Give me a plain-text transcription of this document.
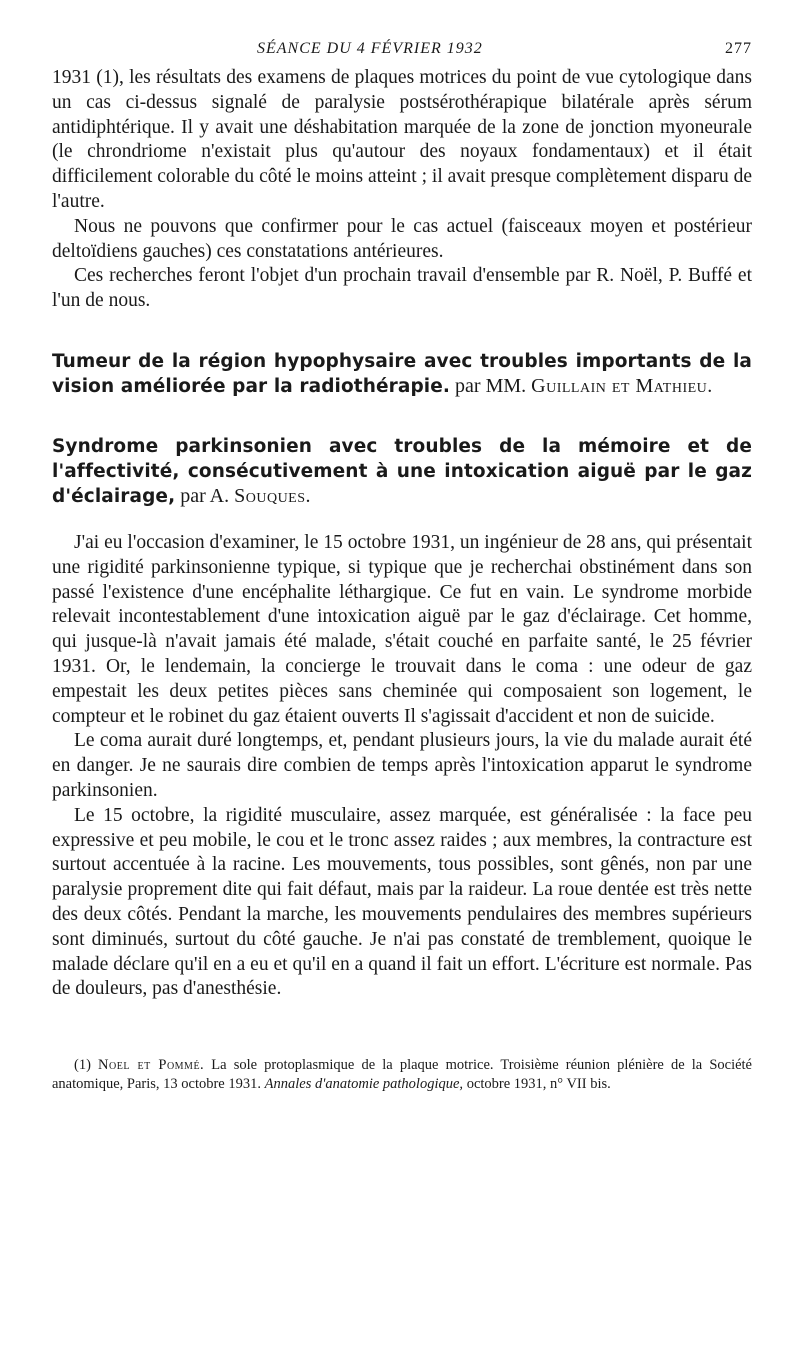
SÉANCE DU 4 FÉVRIER 1932	277

1931 (1), les résultats des examens de plaques motrices du point de vue cytologique dans un cas ci-dessus signalé de paralysie postsérothérapique bilatérale après sérum antidiphtérique. Il y avait une déshabitation marquée de la zone de jonction myoneurale (le chrondriome n'existait plus qu'autour des noyaux fondamentaux) et il était difficilement colorable du côté le moins atteint ; il avait presque complètement disparu de l'autre.

Nous ne pouvons que confirmer pour le cas actuel (faisceaux moyen et postérieur deltoïdiens gauches) ces constatations antérieures.

Ces recherches feront l'objet d'un prochain travail d'ensemble par R. Noël, P. Buffé et l'un de nous.

Tumeur de la région hypophysaire avec troubles importants de la vision améliorée par la radiothérapie. par MM. Guillain et Mathieu.

Syndrome parkinsonien avec troubles de la mémoire et de l'affectivité, consécutivement à une intoxication aiguë par le gaz d'éclairage, par A. Souques.

J'ai eu l'occasion d'examiner, le 15 octobre 1931, un ingénieur de 28 ans, qui présentait une rigidité parkinsonienne typique, si typique que je recherchai obstinément dans son passé l'existence d'une encéphalite léthargique. Ce fut en vain. Le syndrome morbide relevait incontestablement d'une intoxication aiguë par le gaz d'éclairage. Cet homme, qui jusque-là n'avait jamais été malade, s'était couché en parfaite santé, le 25 février 1931. Or, le lendemain, la concierge le trouvait dans le coma : une odeur de gaz empestait les deux petites pièces sans cheminée qui composaient son logement, le compteur et le robinet du gaz étaient ouverts Il s'agissait d'accident et non de suicide.

Le coma aurait duré longtemps, et, pendant plusieurs jours, la vie du malade aurait été en danger. Je ne saurais dire combien de temps après l'intoxication apparut le syndrome parkinsonien.

Le 15 octobre, la rigidité musculaire, assez marquée, est généralisée : la face peu expressive et peu mobile, le cou et le tronc assez raides ; aux membres, la contracture est surtout accentuée à la racine. Les mouvements, tous possibles, sont gênés, non par une paralysie proprement dite qui fait défaut, mais par la raideur. La roue dentée est très nette des deux côtés. Pendant la marche, les mouvements pendulaires des membres supérieurs sont diminués, surtout du côté gauche. Je n'ai pas constaté de tremblement, quoique le malade déclare qu'il en a eu et qu'il en a quand il fait un effort. L'écriture est normale. Pas de douleurs, pas d'anesthésie.

(1) Noel et Pommé. La sole protoplasmique de la plaque motrice. Troisième réunion plénière de la Société anatomique, Paris, 13 octobre 1931. Annales d'anatomie pathologique, octobre 1931, n° VII bis.
